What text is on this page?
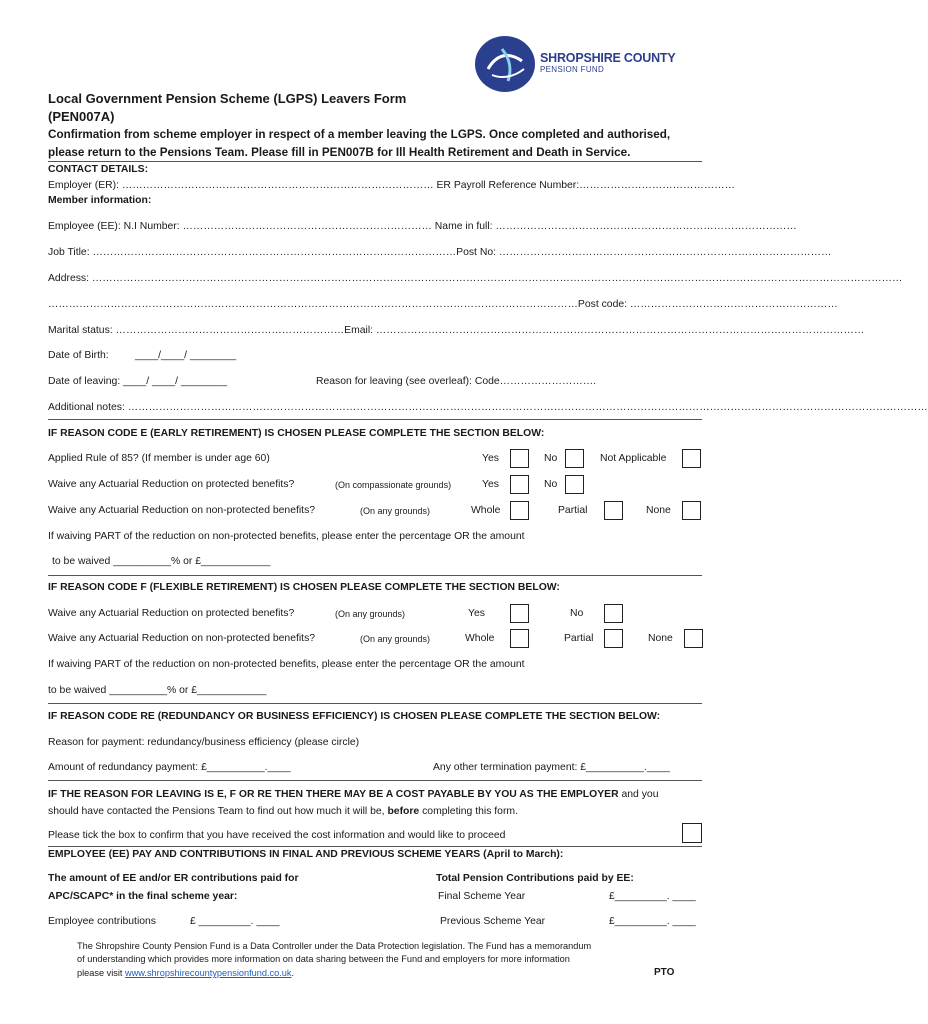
SHROPSHIRE COUNTY
PENSION FUND
Local Government Pension Scheme (LGPS) Leavers Form
(PEN007A)
Confirmation from scheme employer in respect of a member leaving the LGPS. Once completed and authorised,
please return to the Pensions Team. Please fill in PEN007B for Ill Health Retirement and Death in Service.
CONTACT DETAILS:
Employer (ER): ……………………………………………………………………………… ER Payroll Reference Number:………………………………………
Member information:
Employee (EE): N.I Number: ……………………………………………………………… Name in full: ……………………………………………………………………………
Job Title: ……………………………………………………………………………………………Post No: ……………………………………………………………………………………
Address: ………………………………………………………………………………………………………………………………………………………………………………………………………………
………………………………………………………………………………………………………………………………………Post code: ……………………………………………………
Marital status: …………………………………………………………Email: ……………………………………………………………………………………………………………………………
Date of Birth:	____/____/ ________
Date of leaving: ____/ ____/ ________	Reason for leaving (see overleaf): Code……………………….
Additional notes: ……………………………………………………………………………………………………………………………………………………………………………………………………………
IF REASON CODE E (EARLY RETIREMENT) IS CHOSEN PLEASE COMPLETE THE SECTION BELOW:
Applied Rule of 85? (If member is under age 60)	Yes	No	Not Applicable
Waive any Actuarial Reduction on protected benefits?	(On compassionate grounds)	Yes	No
Waive any Actuarial Reduction on non-protected benefits?	(On any grounds)	Whole	Partial	None
If waiving PART of the reduction on non-protected benefits, please enter the percentage OR the amount
to be waived __________% or £____________
IF REASON CODE F (FLEXIBLE RETIREMENT) IS CHOSEN PLEASE COMPLETE THE SECTION BELOW:
Waive any Actuarial Reduction on protected benefits?	(On any grounds)	Yes	No
Waive any Actuarial Reduction on non-protected benefits?	(On any grounds)	Whole	Partial	None
If waiving PART of the reduction on non-protected benefits, please enter the percentage OR the amount
to be waived __________% or £____________
IF REASON CODE RE (REDUNDANCY OR BUSINESS EFFICIENCY) IS CHOSEN PLEASE COMPLETE THE SECTION BELOW:
Reason for payment: redundancy/business efficiency (please circle)
Amount of redundancy payment: £__________.____	Any other termination payment: £__________.____
IF THE REASON FOR LEAVING IS E, F OR RE THEN THERE MAY BE A COST PAYABLE BY YOU AS THE EMPLOYER and you
should have contacted the Pensions Team to find out how much it will be, before completing this form.
Please tick the box to confirm that you have received the cost information and would like to proceed
EMPLOYEE (EE) PAY AND CONTRIBUTIONS IN FINAL AND PREVIOUS SCHEME YEARS (April to March):
The amount of EE and/or ER contributions paid for
APC/SCAPC* in the final scheme year:
Total Pension Contributions paid by EE:
Final Scheme Year	£_________. ____
Employee contributions	£ _________. ____	Previous Scheme Year	£_________. ____
The Shropshire County Pension Fund is a Data Controller under the Data Protection legislation. The Fund has a memorandum
of understanding which provides more information on data sharing between the Fund and employers for more information
please visit www.shropshirecountypensionfund.co.uk.	PTO
